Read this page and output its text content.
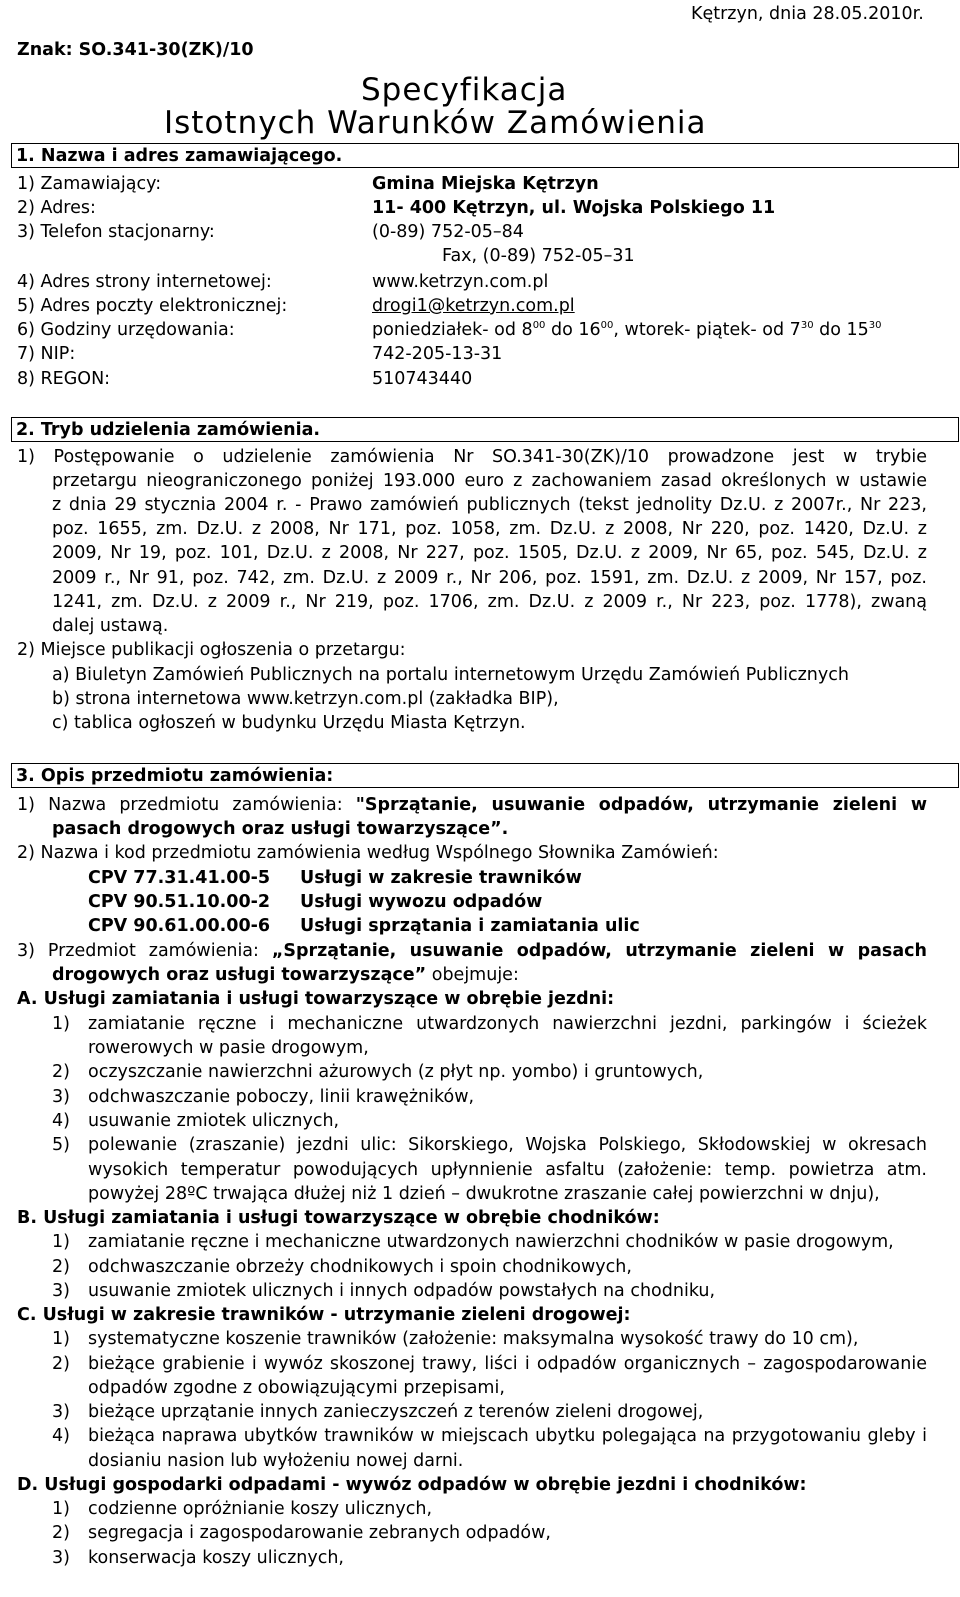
Znak: SO.341-30(ZK)/10
Kętrzyn, dnia 28.05.2010r.
Specyfikacja
Istotnych Warunków Zamówienia
1. Nazwa i adres zamawiającego.
1) Zamawiający:	Gmina Miejska Kętrzyn
2) Adres:	11- 400 Kętrzyn, ul. Wojska Polskiego 11
3) Telefon stacjonarny:	(0-89) 752-05–84
Fax, (0-89) 752-05–31
4) Adres strony internetowej:	www.ketrzyn.com.pl
5) Adres poczty elektronicznej:	drogi1@ketrzyn.com.pl
6) Godziny urzędowania:	poniedziałek- od $8^{00}$ do $16^{00}$, wtorek- piątek- od $7^{30}$ do $15^{30}$
7) NIP:	742-205-13-31
8) REGON:	510743440
2. Tryb udzielenia zamówienia.
1) Postępowanie o udzielenie zamówienia Nr SO.341-30(ZK)/10 prowadzone jest w trybie
przetargu nieograniczonego poniżej 193.000 euro z zachowaniem zasad określonych w ustawie
z dnia 29 stycznia 2004 r. - Prawo zamówień publicznych (tekst jednolity Dz.U. z 2007r., Nr 223,
poz. 1655, zm. Dz.U. z 2008, Nr 171, poz. 1058, zm. Dz.U. z 2008, Nr 220, poz. 1420, Dz.U. z
2009, Nr 19, poz. 101, Dz.U. z 2008, Nr 227, poz. 1505, Dz.U. z 2009, Nr 65, poz. 545, Dz.U. z
2009 r., Nr 91, poz. 742, zm. Dz.U. z 2009 r., Nr 206, poz. 1591, zm. Dz.U. z 2009, Nr 157, poz.
1241, zm. Dz.U. z 2009 r., Nr 219, poz. 1706, zm. Dz.U. z 2009 r., Nr 223, poz. 1778), zwaną
dalej ustawą.
2) Miejsce publikacji ogłoszenia o przetargu:
a) Biuletyn Zamówień Publicznych na portalu internetowym Urzędu Zamówień Publicznych
b) strona internetowa www.ketrzyn.com.pl (zakładka BIP),
c) tablica ogłoszeń w budynku Urzędu Miasta Kętrzyn.
3. Opis przedmiotu zamówienia:
1) Nazwa przedmiotu zamówienia: "Sprzątanie, usuwanie odpadów, utrzymanie zieleni w
pasach drogowych oraz usługi towarzyszące”.
2) Nazwa i kod przedmiotu zamówienia według Wspólnego Słownika Zamówień:
CPV 77.31.41.00-5 Usługi w zakresie trawników
CPV 90.51.10.00-2 Usługi wywozu odpadów
CPV 90.61.00.00-6 Usługi sprzątania i zamiatania ulic
3) Przedmiot zamówienia: „Sprzątanie, usuwanie odpadów, utrzymanie zieleni w pasach
drogowych oraz usługi towarzyszące” obejmuje:
A. Usługi zamiatania i usługi towarzyszące w obrębie jezdni:
1) zamiatanie ręczne i mechaniczne utwardzonych nawierzchni jezdni, parkingów i ścieżek
rowerowych w pasie drogowym,
2) oczyszczanie nawierzchni ażurowych (z płyt np. yombo) i gruntowych,
3) odchwaszczanie poboczy, linii krawężników,
4) usuwanie zmiotek ulicznych,
5) polewanie (zraszanie) jezdni ulic: Sikorskiego, Wojska Polskiego, Skłodowskiej w okresach
wysokich temperatur powodujących upłynnienie asfaltu (założenie: temp. powietrza atm.
powyżej 28ºC trwająca dłużej niż 1 dzień – dwukrotne zraszanie całej powierzchni w dnju),
B. Usługi zamiatania i usługi towarzyszące w obrębie chodników:
1) zamiatanie ręczne i mechaniczne utwardzonych nawierzchni chodników w pasie drogowym,
2) odchwaszczanie obrzeży chodnikowych i spoin chodnikowych,
3) usuwanie zmiotek ulicznych i innych odpadów powstałych na chodniku,
C. Usługi w zakresie trawników - utrzymanie zieleni drogowej:
1) systematyczne koszenie trawników (założenie: maksymalna wysokość trawy do 10 cm),
2) bieżące grabienie i wywóz skoszonej trawy, liści i odpadów organicznych – zagospodarowanie
odpadów zgodne z obowiązującymi przepisami,
3) bieżące uprzątanie innych zanieczyszczeń z terenów zieleni drogowej,
4) bieżąca naprawa ubytków trawników w miejscach ubytku polegająca na przygotowaniu gleby i
dosianiu nasion lub wyłożeniu nowej darni.
D. Usługi gospodarki odpadami - wywóz odpadów w obrębie jezdni i chodników:
1) codzienne opróżnianie koszy ulicznych,
2) segregacja i zagospodarowanie zebranych odpadów,
3) konserwacja koszy ulicznych,
